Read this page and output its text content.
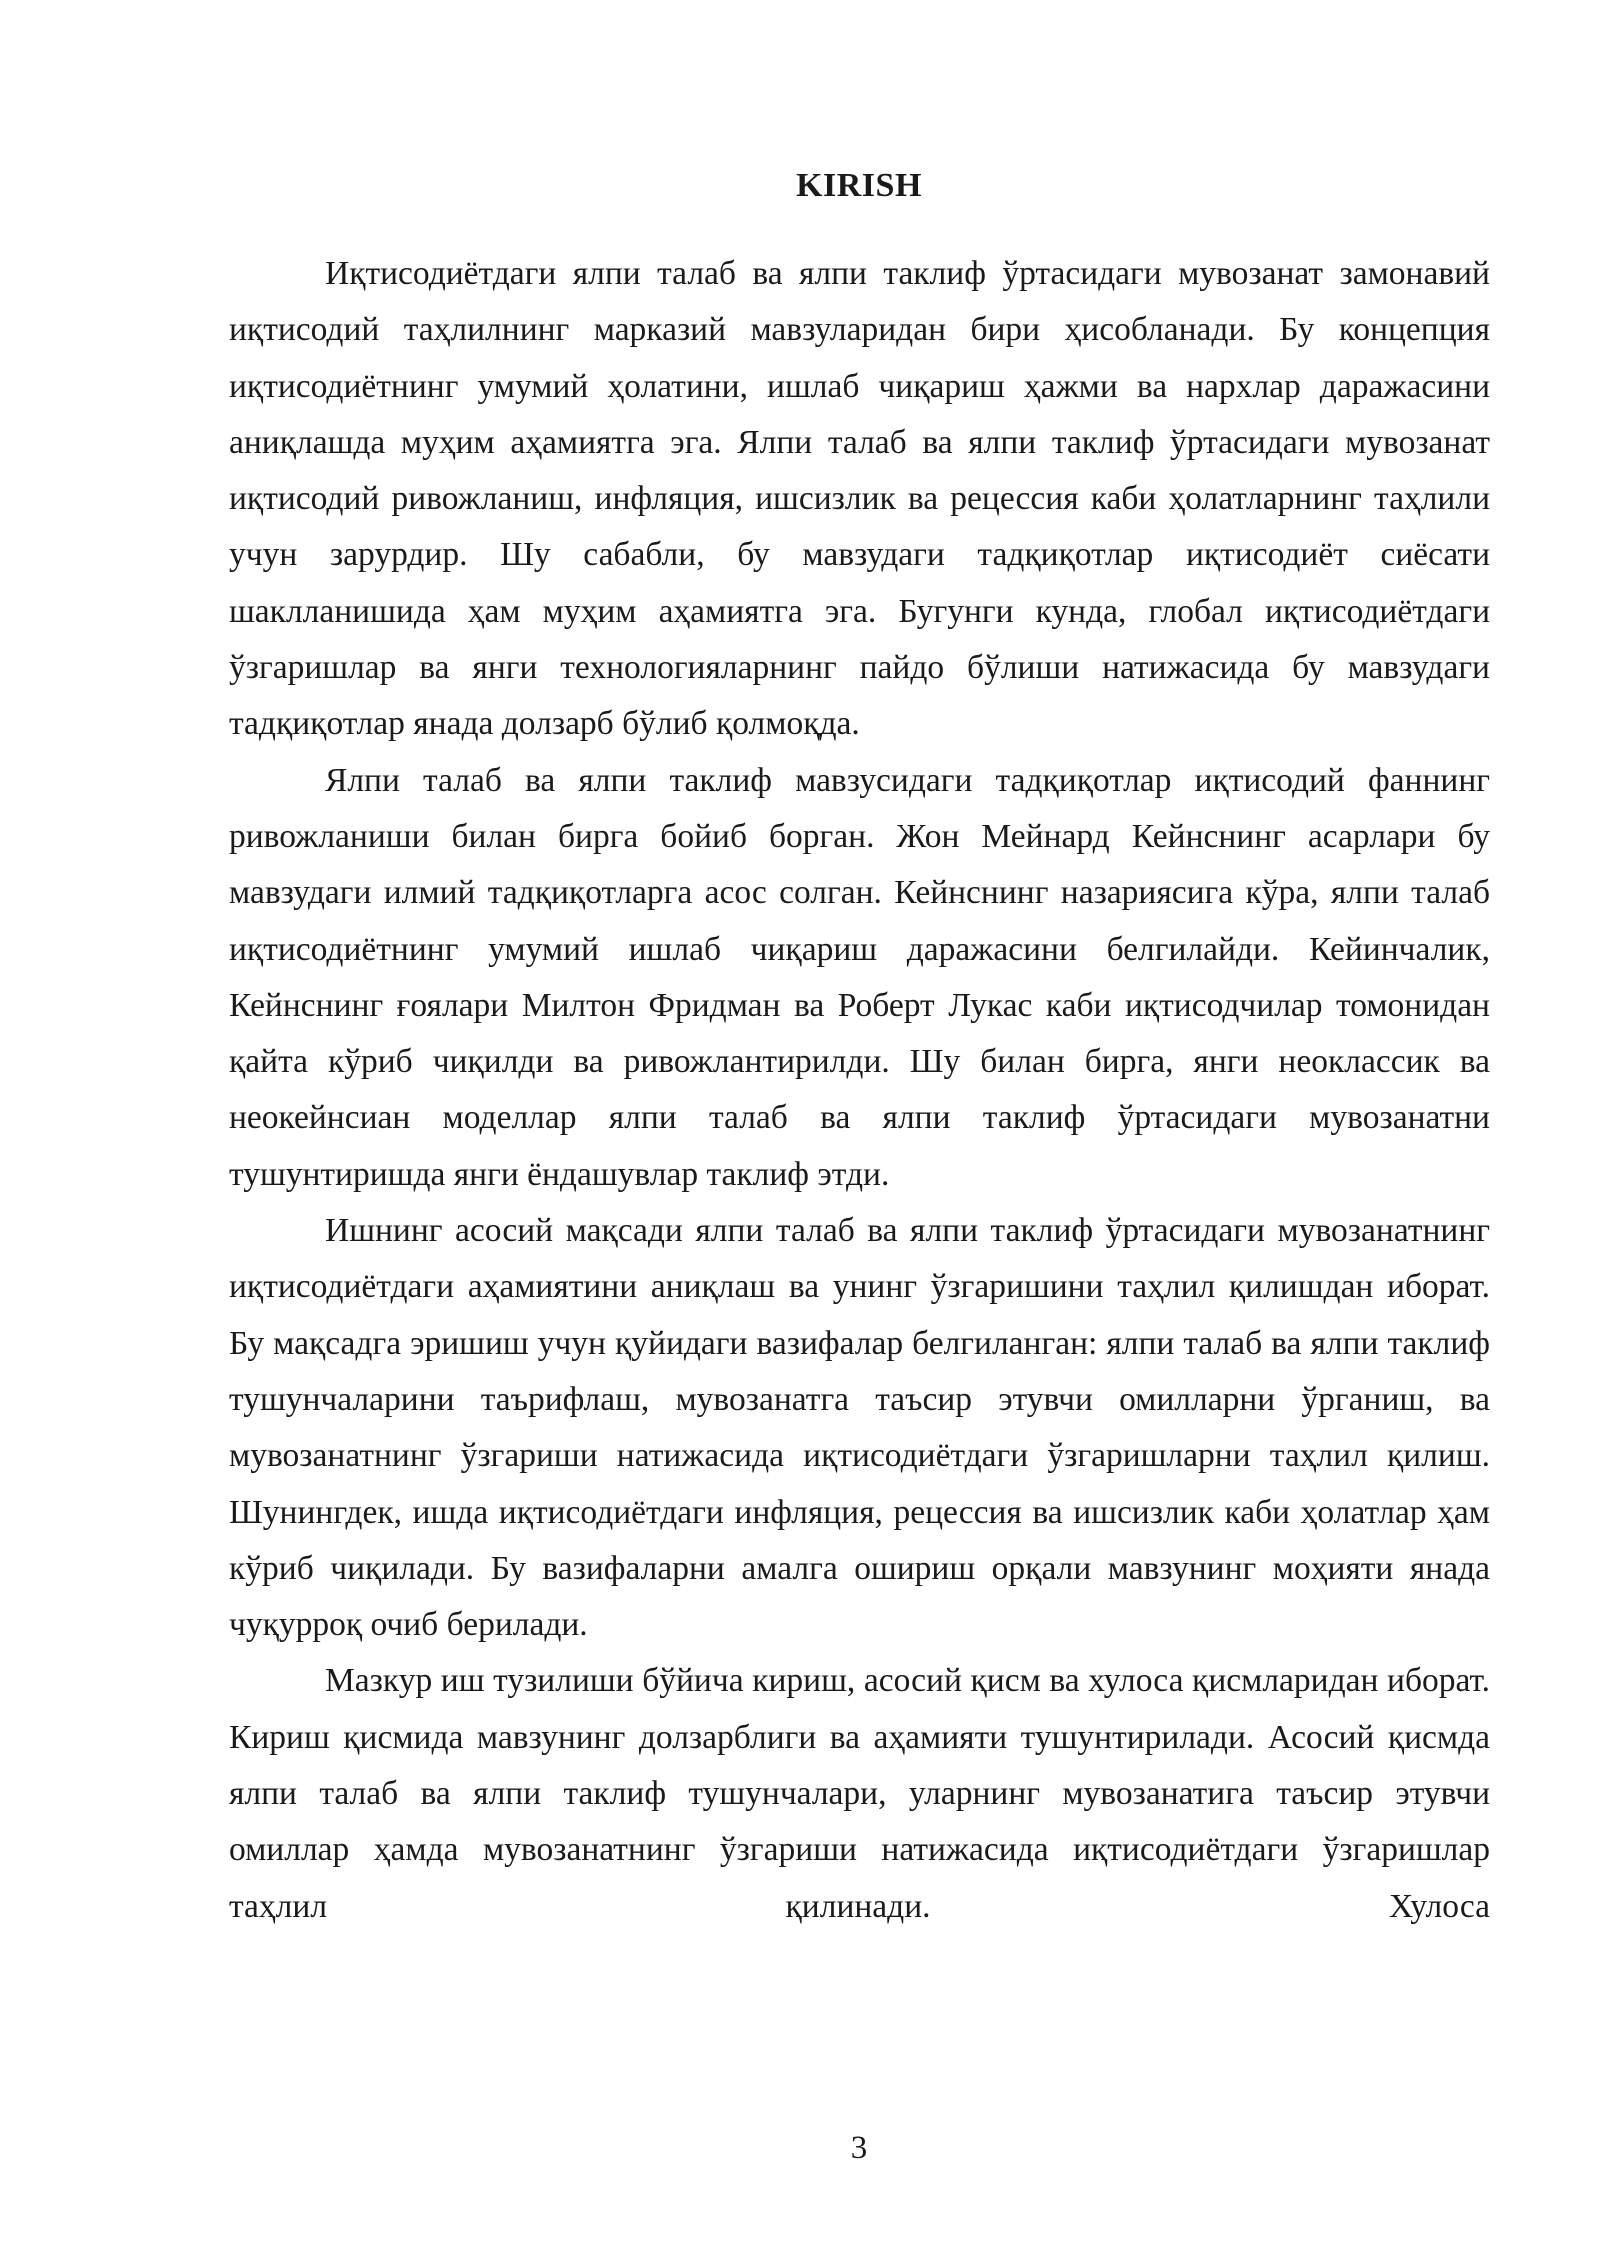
KIRISH

Иқтисодиётдаги ялпи талаб ва ялпи таклиф ўртасидаги мувозанат замонавий иқтисодий таҳлилнинг марказий мавзуларидан бири ҳисобланади. Бу концепция иқтисодиётнинг умумий ҳолатини, ишлаб чиқариш ҳажми ва нархлар даражасини аниқлашда муҳим аҳамиятга эга. Ялпи талаб ва ялпи таклиф ўртасидаги мувозанат иқтисодий ривожланиш, инфляция, ишсизлик ва рецессия каби ҳолатларнинг таҳлили учун зарурдир. Шу сабабли, бу мавзудаги тадқиқотлар иқтисодиёт сиёсати шаклланишида ҳам муҳим аҳамиятга эга. Бугунги кунда, глобал иқтисодиётдаги ўзгаришлар ва янги технологияларнинг пайдо бўлиши натижасида бу мавзудаги тадқиқотлар янада долзарб бўлиб қолмоқда.

Ялпи талаб ва ялпи таклиф мавзусидаги тадқиқотлар иқтисодий фаннинг ривожланиши билан бирга бойиб борган. Жон Мейнард Кейнснинг асарлари бу мавзудаги илмий тадқиқотларга асос солган. Кейнснинг назариясига кўра, ялпи талаб иқтисодиётнинг умумий ишлаб чиқариш даражасини белгилайди. Кейинчалик, Кейнснинг ғоялари Милтон Фридман ва Роберт Лукас каби иқтисодчилар томонидан қайта кўриб чиқилди ва ривожлантирилди. Шу билан бирга, янги неоклассик ва неокейнсиан моделлар ялпи талаб ва ялпи таклиф ўртасидаги мувозанатни тушунтиришда янги ёндашувлар таклиф этди.

Ишнинг асосий мақсади ялпи талаб ва ялпи таклиф ўртасидаги мувозанатнинг иқтисодиётдаги аҳамиятини аниқлаш ва унинг ўзгаришини таҳлил қилишдан иборат. Бу мақсадга эришиш учун қуйидаги вазифалар белгиланган: ялпи талаб ва ялпи таклиф тушунчаларини таърифлаш, мувозанатга таъсир этувчи омилларни ўрганиш, ва мувозанатнинг ўзгариши натижасида иқтисодиётдаги ўзгаришларни таҳлил қилиш. Шунингдек, ишда иқтисодиётдаги инфляция, рецессия ва ишсизлик каби ҳолатлар ҳам кўриб чиқилади. Бу вазифаларни амалга ошириш орқали мавзунинг моҳияти янада чуқурроқ очиб берилади.

Мазкур иш тузилиши бўйича кириш, асосий қисм ва хулоса қисмларидан иборат. Кириш қисмида мавзунинг долзарблиги ва аҳамияти тушунтирилади. Асосий қисмда ялпи талаб ва ялпи таклиф тушунчалари, уларнинг мувозанатига таъсир этувчи омиллар ҳамда мувозанатнинг ўзгариши натижасида иқтисодиётдаги ўзгаришлар таҳлил қилинади. Хулоса

3
